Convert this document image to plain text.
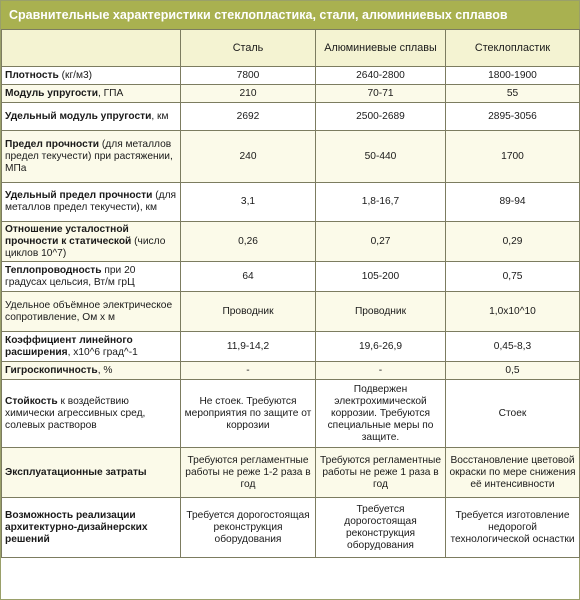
Сравнительные характеристики стеклопластика, стали, алюминиевых сплавов
	Сталь	Алюминиевые сплавы	Стеклопластик
Плотность (кг/м3)	7800	2640-2800	1800-1900
Модуль упругости, ГПА	210	70-71	55
Удельный модуль упругости, км	2692	2500-2689	2895-3056
Предел прочности (для металлов предел текучести) при растяжении, МПа	240	50-440	1700
Удельный предел прочности (для металлов предел текучести), км	3,1	1,8-16,7	89-94
Отношение усталостной прочности к статической (число циклов 10^7)	0,26	0,27	0,29
Теплопроводность при 20 градусах цельсия, Вт/м грЦ	64	105-200	0,75
Удельное объёмное электрическое сопротивление, Ом х м	Проводник	Проводник	1,0х10^10
Коэффициент линейного расширения, х10^6 град^-1	11,9-14,2	19,6-26,9	0,45-8,3
Гигроскопичность, %	-	-	0,5
Стойкость к воздействию химически агрессивных сред, солевых растворов	Не стоек. Требуются мероприятия по защите от коррозии	Подвержен электрохимической коррозии. Требуются специальные меры по защите.	Стоек
Эксплуатационные затраты	Требуются регламентные работы не реже 1-2 раза в год	Требуются регламентные работы не реже 1 раза в год	Восстановление цветовой окраски по мере снижения её интенсивности
Возможность реализации архитектурно-дизайнерских решений	Требуется дорогостоящая реконструкция оборудования	Требуется дорогостоящая реконструкция оборудования	Требуется изготовление недорогой технологической оснастки
